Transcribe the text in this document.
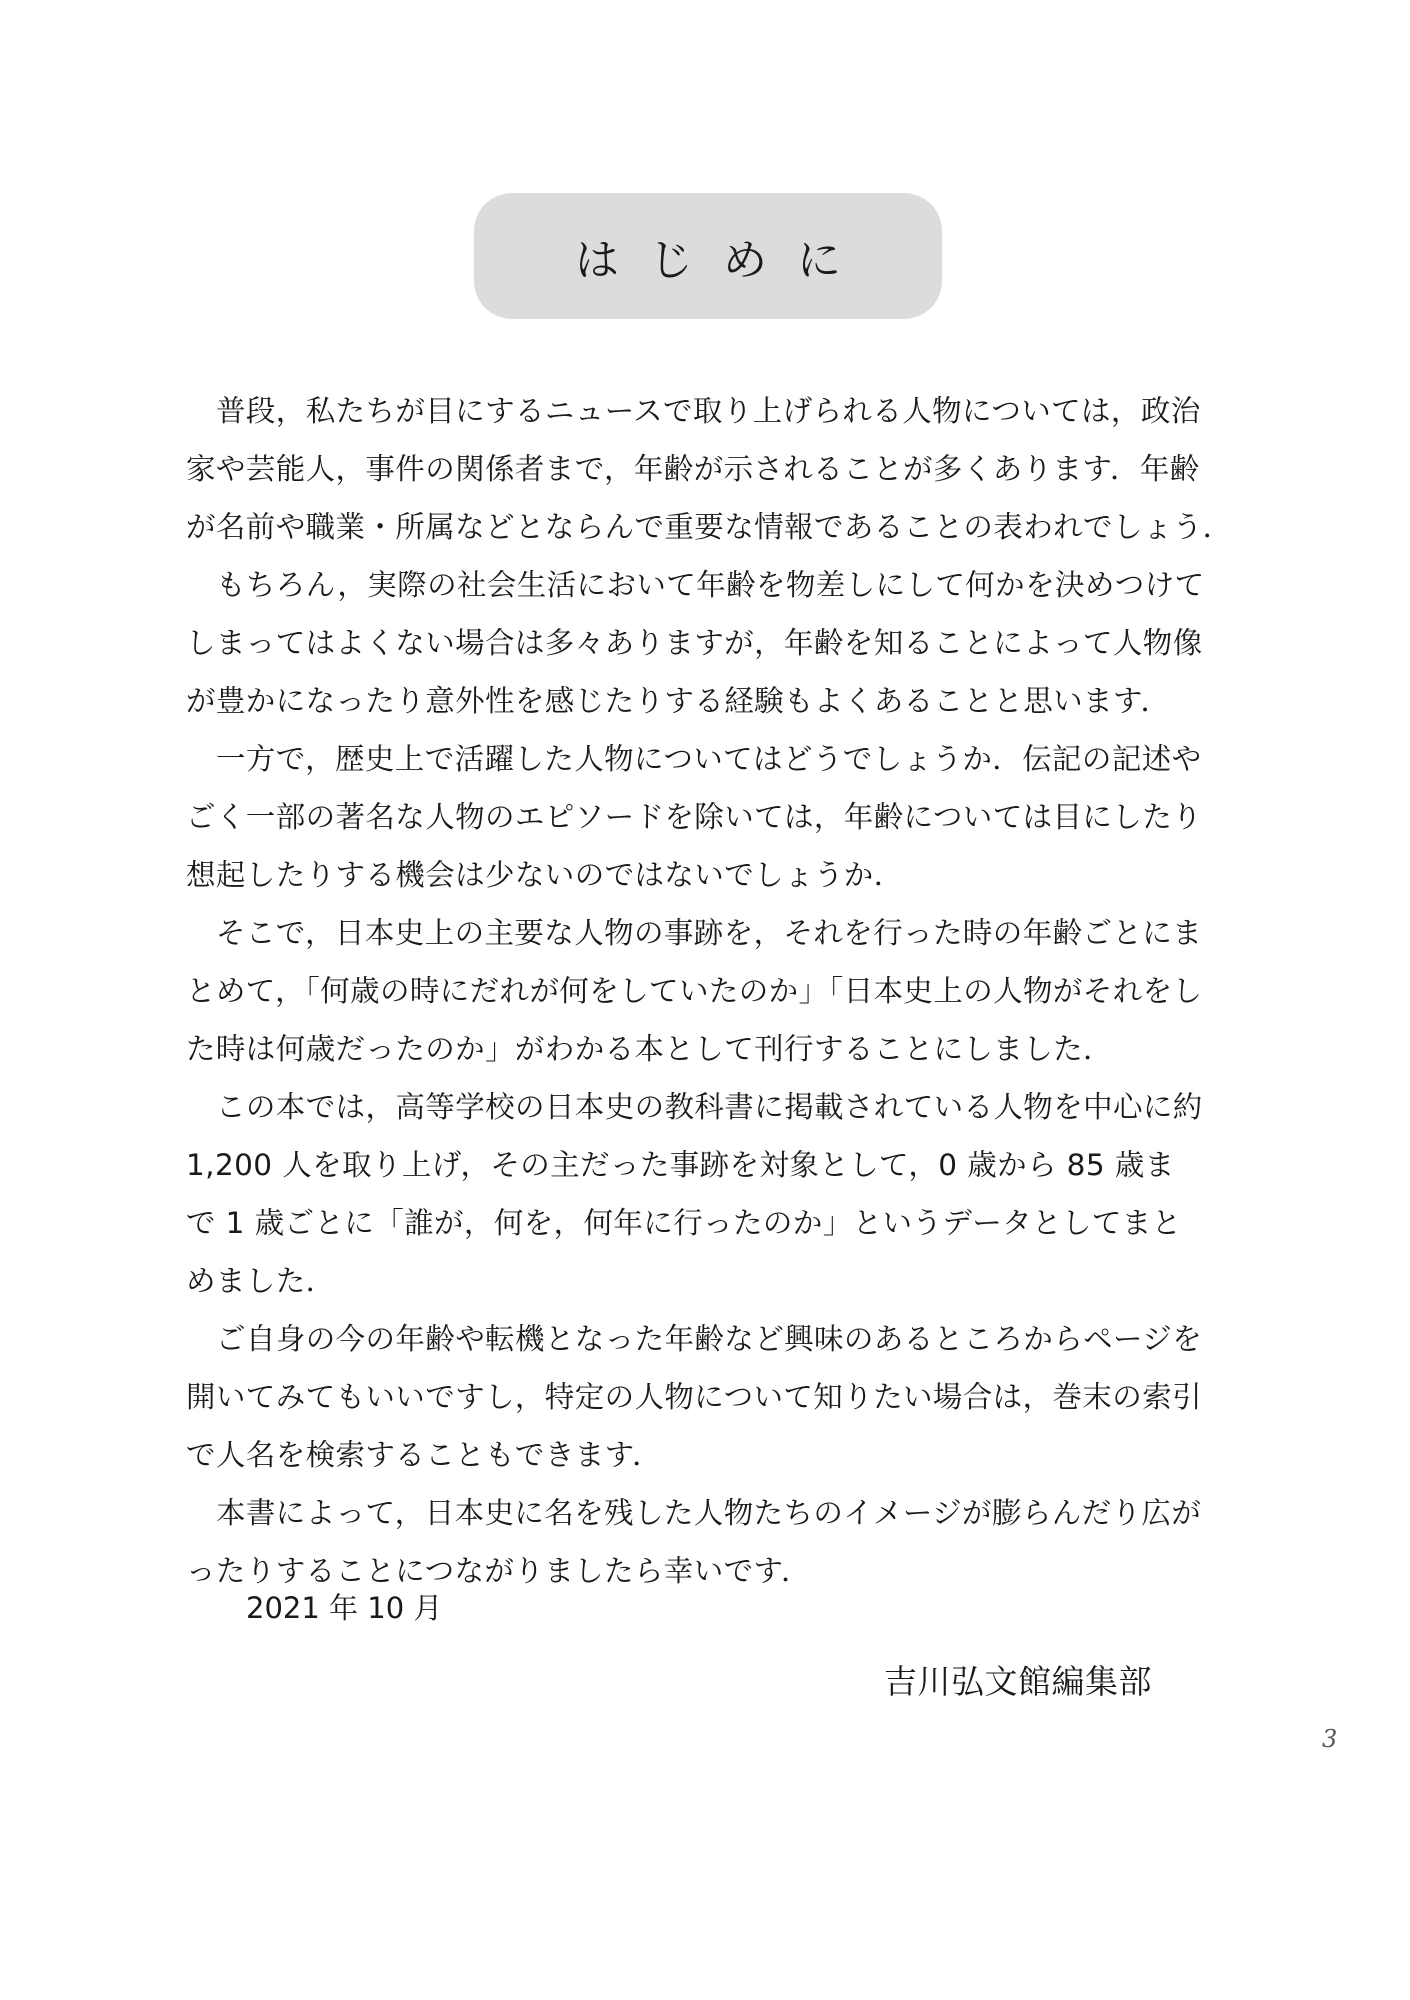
はじめに
普段，私たちが目にするニュースで取り上げられる人物については，政治
家や芸能人，事件の関係者まで，年齢が示されることが多くあります．年齢
が名前や職業・所属などとならんで重要な情報であることの表われでしょう．
もちろん，実際の社会生活において年齢を物差しにして何かを決めつけて
しまってはよくない場合は多々ありますが，年齢を知ることによって人物像
が豊かになったり意外性を感じたりする経験もよくあることと思います．
一方で，歴史上で活躍した人物についてはどうでしょうか．伝記の記述や
ごく一部の著名な人物のエピソードを除いては，年齢については目にしたり
想起したりする機会は少ないのではないでしょうか．
そこで，日本史上の主要な人物の事跡を，それを行った時の年齢ごとにま
とめて，「何歳の時にだれが何をしていたのか」「日本史上の人物がそれをし
た時は何歳だったのか」がわかる本として刊行することにしました．
この本では，高等学校の日本史の教科書に掲載されている人物を中心に約
1,200 人を取り上げ，その主だった事跡を対象として，0 歳から 85 歳ま
で 1 歳ごとに「誰が，何を，何年に行ったのか」というデータとしてまと
めました．
ご自身の今の年齢や転機となった年齢など興味のあるところからページを
開いてみてもいいですし，特定の人物について知りたい場合は，巻末の索引
で人名を検索することもできます．
本書によって，日本史に名を残した人物たちのイメージが膨らんだり広が
ったりすることにつながりましたら幸いです．
2021 年 10 月
吉川弘文館編集部
3
